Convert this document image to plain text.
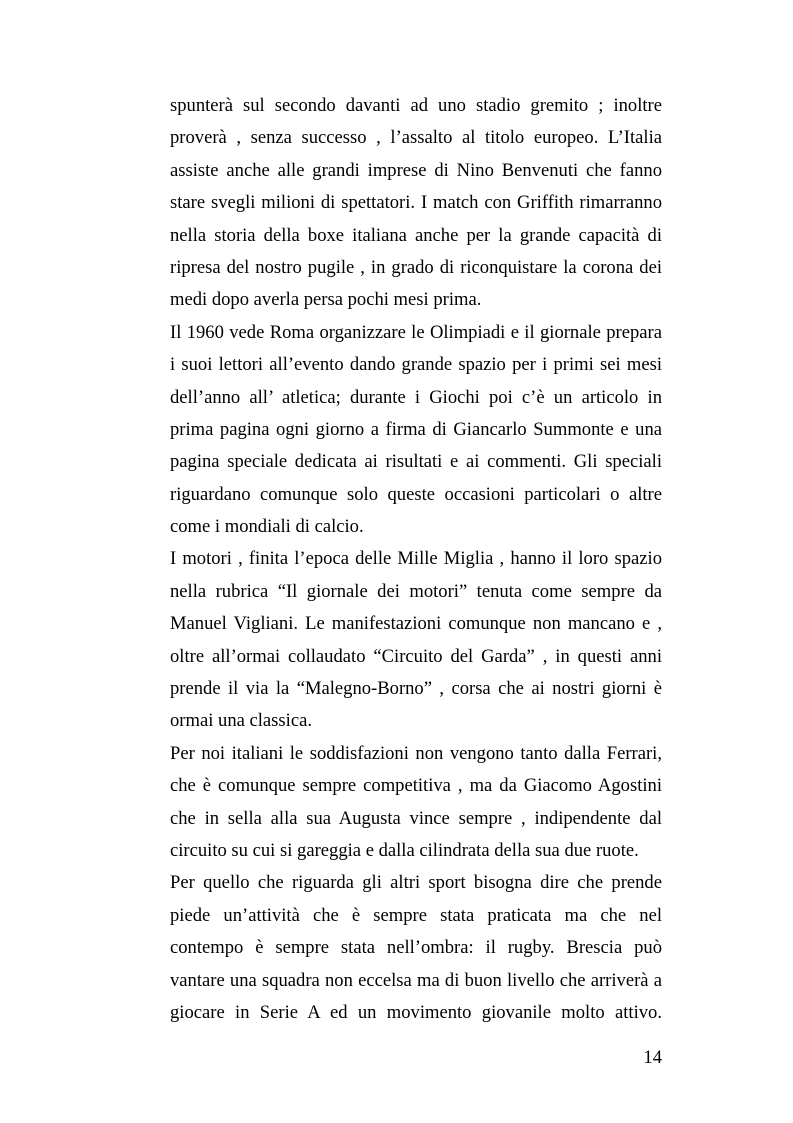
spunterà sul secondo davanti ad uno stadio gremito ; inoltre
proverà , senza successo , l’assalto al titolo europeo. L’Italia
assiste anche alle grandi imprese di Nino Benvenuti che fanno
stare svegli milioni di spettatori. I match con Griffith rimarranno
nella storia della boxe italiana anche per la grande capacità di
ripresa del nostro pugile , in grado di riconquistare la corona dei
medi dopo averla persa pochi mesi prima.
Il 1960 vede Roma organizzare le Olimpiadi e il giornale prepara
i suoi lettori all’evento dando grande spazio per i primi sei mesi
dell’anno all’ atletica; durante i Giochi poi c’è un articolo in
prima pagina ogni giorno a firma di Giancarlo Summonte e una
pagina speciale dedicata ai risultati e ai commenti. Gli speciali
riguardano comunque solo queste occasioni particolari o altre
come i mondiali di calcio.
I motori , finita l’epoca delle Mille Miglia , hanno il loro spazio
nella rubrica “Il giornale dei motori” tenuta come sempre da
Manuel Vigliani. Le manifestazioni comunque non mancano e ,
oltre all’ormai collaudato “Circuito del Garda” , in questi anni
prende il via la “Malegno-Borno” , corsa che ai nostri giorni è
ormai una classica.
Per noi italiani le soddisfazioni non vengono tanto dalla Ferrari,
che è comunque sempre competitiva , ma da Giacomo Agostini
che in sella alla sua Augusta vince sempre , indipendente dal
circuito su cui si gareggia e dalla cilindrata della sua due ruote.
Per quello che riguarda gli altri sport bisogna dire che prende
piede un’attività che è sempre stata praticata ma che nel
contempo è sempre stata nell’ombra: il rugby. Brescia può
vantare una squadra non eccelsa ma di buon livello che arriverà a
giocare in Serie A ed un movimento giovanile molto attivo.
14
